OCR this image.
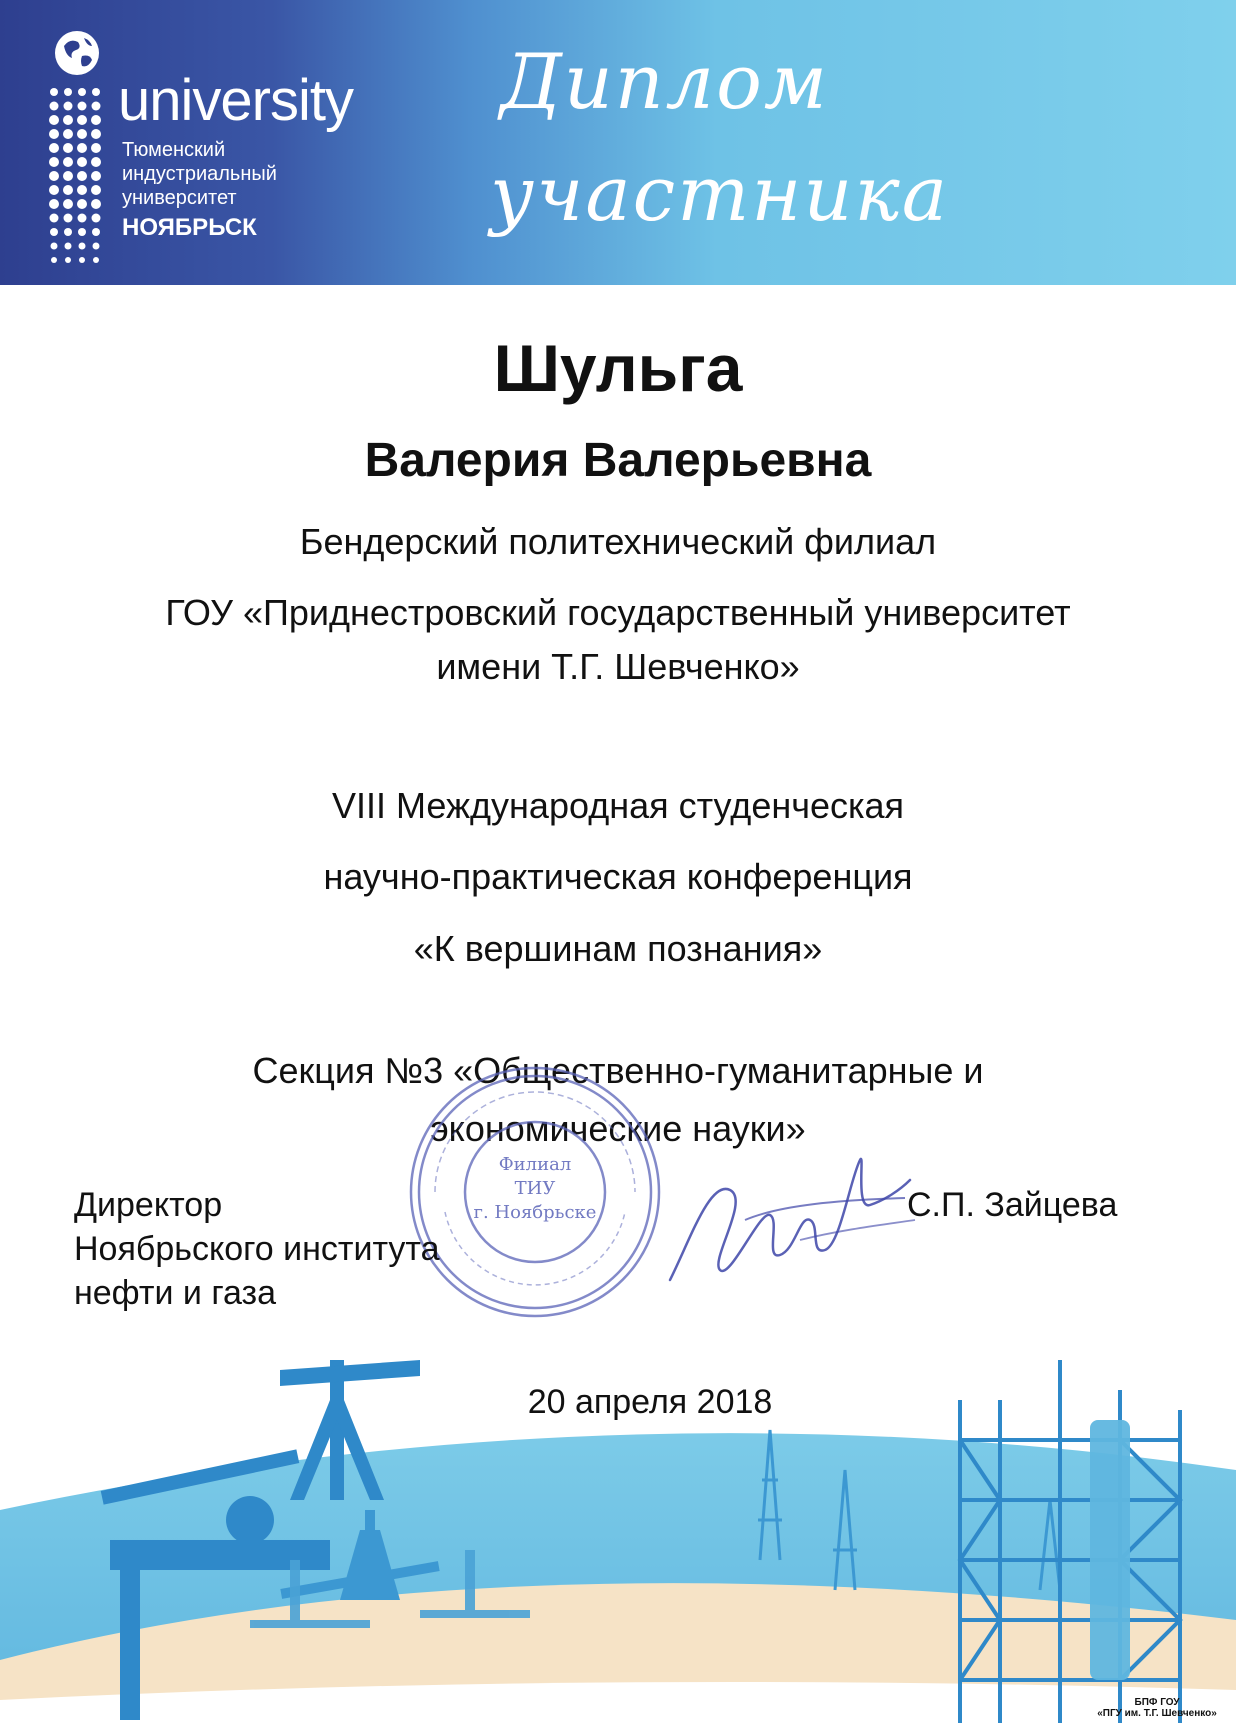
university
Тюменский
индустриальный
университет
НОЯБРЬСК
Диплом
участника
Шульга
Валерия Валерьевна
Бендерский политехнический филиал
ГОУ «Приднестровский государственный университет
имени Т.Г. Шевченко»
VIII Международная студенческая
научно-практическая конференция
«К вершинам познания»
Секция №3 «Общественно-гуманитарные и
экономические науки»
Филиал
ТИУ
г. Ноябрьске
Директор
Ноябрьского института
нефти и газа
С.П. Зайцева
20 апреля 2018
БПФ ГОУ
«ПГУ им. Т.Г. Шевченко»
